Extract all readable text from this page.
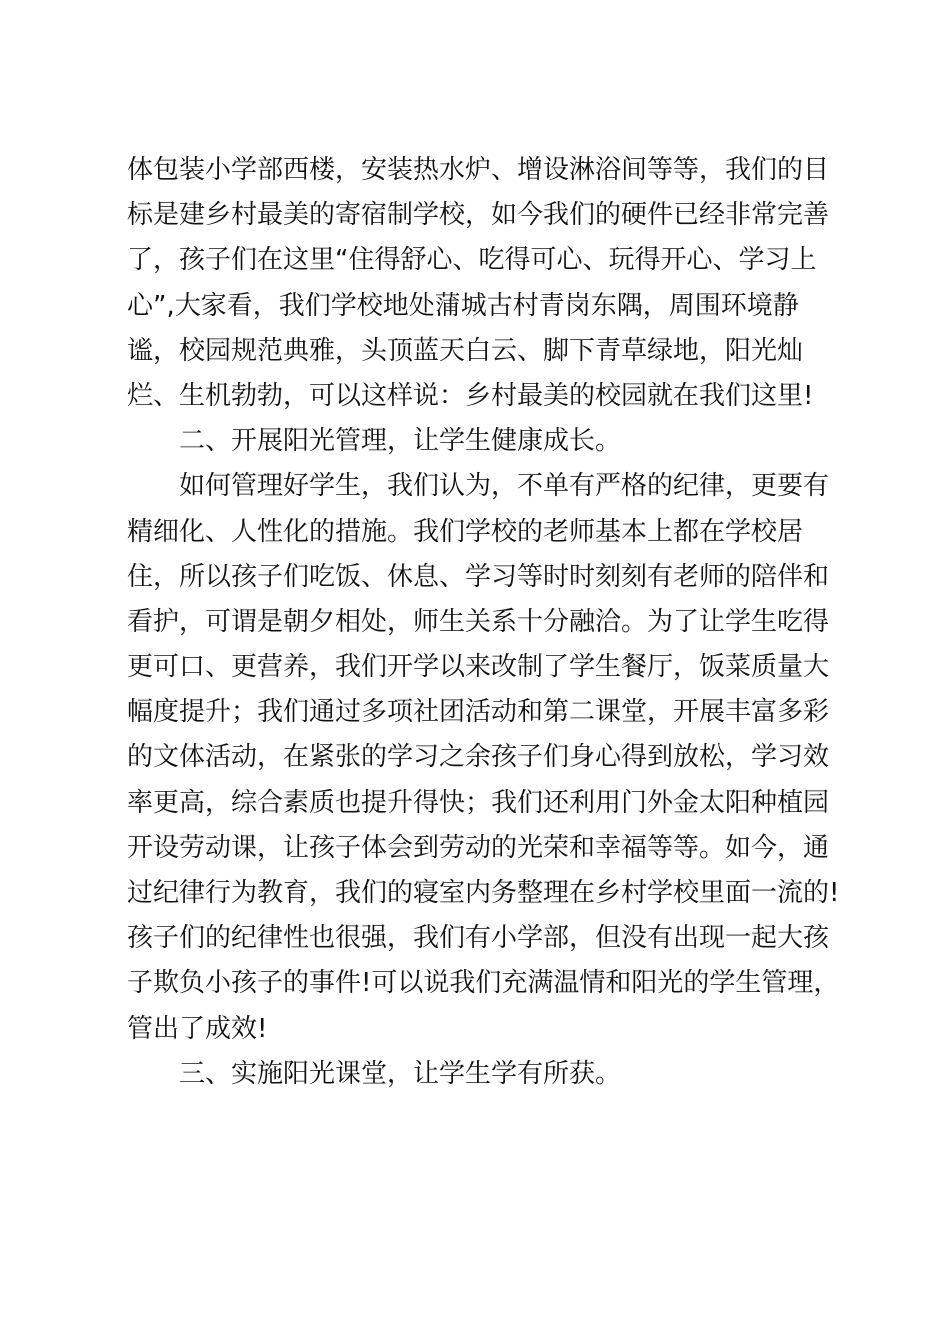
体包装小学部西楼，安装热水炉、增设淋浴间等等，我们的目
标是建乡村最美的寄宿制学校，如今我们的硬件已经非常完善
了，孩子们在这里“住得舒心、吃得可心、玩得开心、学习上
心”,大家看，我们学校地处蒲城古村青岗东隅，周围环境静
谧，校园规范典雅，头顶蓝天白云、脚下青草绿地，阳光灿
烂、生机勃勃，可以这样说：乡村最美的校园就在我们这里!
二、开展阳光管理，让学生健康成长。
如何管理好学生，我们认为，不单有严格的纪律，更要有
精细化、人性化的措施。我们学校的老师基本上都在学校居
住，所以孩子们吃饭、休息、学习等时时刻刻有老师的陪伴和
看护，可谓是朝夕相处，师生关系十分融洽。为了让学生吃得
更可口、更营养，我们开学以来改制了学生餐厅，饭菜质量大
幅度提升；我们通过多项社团活动和第二课堂，开展丰富多彩
的文体活动，在紧张的学习之余孩子们身心得到放松，学习效
率更高，综合素质也提升得快；我们还利用门外金太阳种植园
开设劳动课，让孩子体会到劳动的光荣和幸福等等。如今，通
过纪律行为教育，我们的寝室内务整理在乡村学校里面一流的!
孩子们的纪律性也很强，我们有小学部，但没有出现一起大孩
子欺负小孩子的事件!可以说我们充满温情和阳光的学生管理，
管出了成效!
三、实施阳光课堂，让学生学有所获。
